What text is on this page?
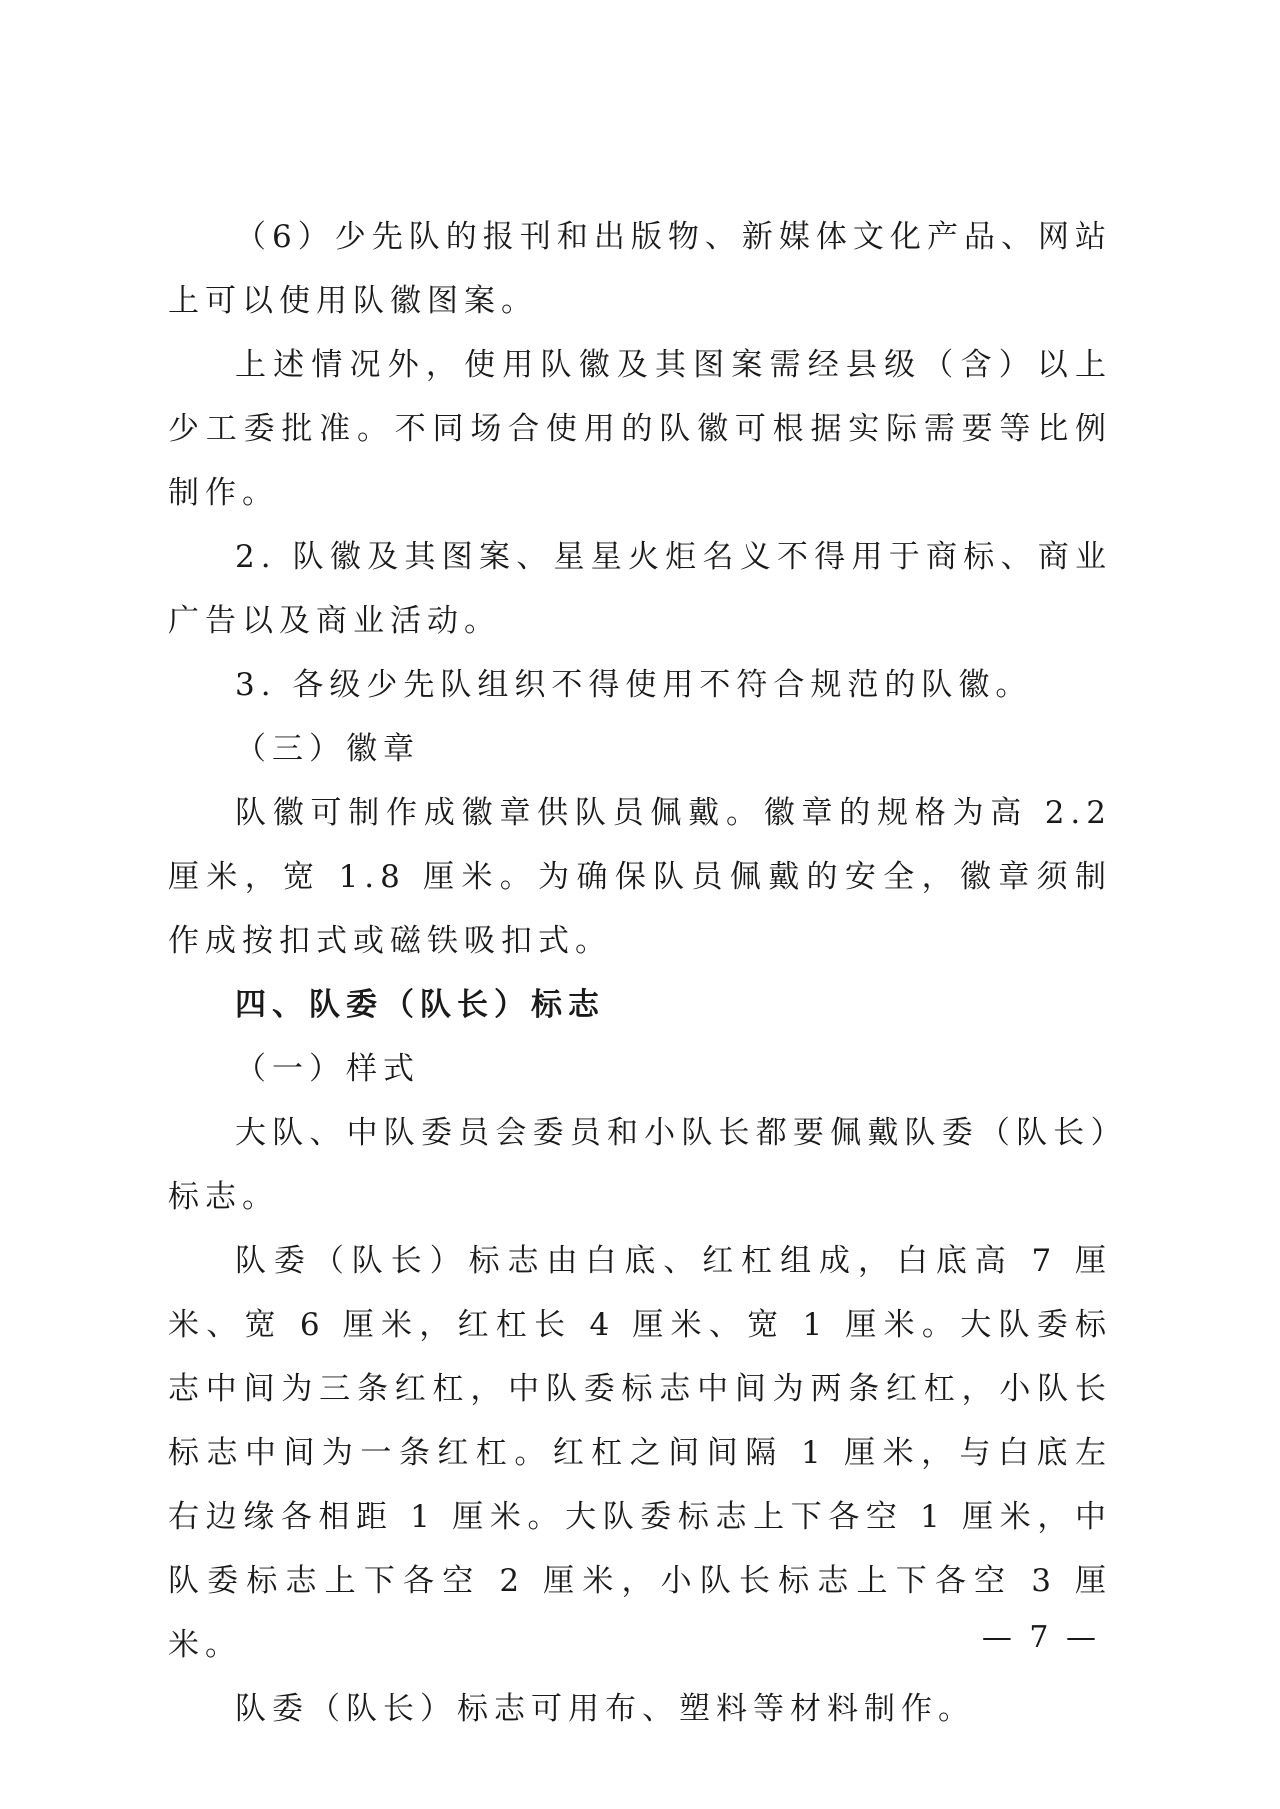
（6）少先队的报刊和出版物、新媒体文化产品、网站上可以使用队徽图案。

上述情况外，使用队徽及其图案需经县级（含）以上少工委批准。不同场合使用的队徽可根据实际需要等比例制作。

2. 队徽及其图案、星星火炬名义不得用于商标、商业广告以及商业活动。

3. 各级少先队组织不得使用不符合规范的队徽。

（三）徽章

队徽可制作成徽章供队员佩戴。徽章的规格为高 2.2 厘米，宽 1.8 厘米。为确保队员佩戴的安全，徽章须制作成按扣式或磁铁吸扣式。

四、队委（队长）标志

（一）样式

大队、中队委员会委员和小队长都要佩戴队委（队长）标志。

队委（队长）标志由白底、红杠组成，白底高 7 厘米、宽 6 厘米，红杠长 4 厘米、宽 1 厘米。大队委标志中间为三条红杠，中队委标志中间为两条红杠，小队长标志中间为一条红杠。红杠之间间隔 1 厘米，与白底左右边缘各相距 1 厘米。大队委标志上下各空 1 厘米，中队委标志上下各空 2 厘米，小队长标志上下各空 3 厘米。

队委（队长）标志可用布、塑料等材料制作。

— 7 —
